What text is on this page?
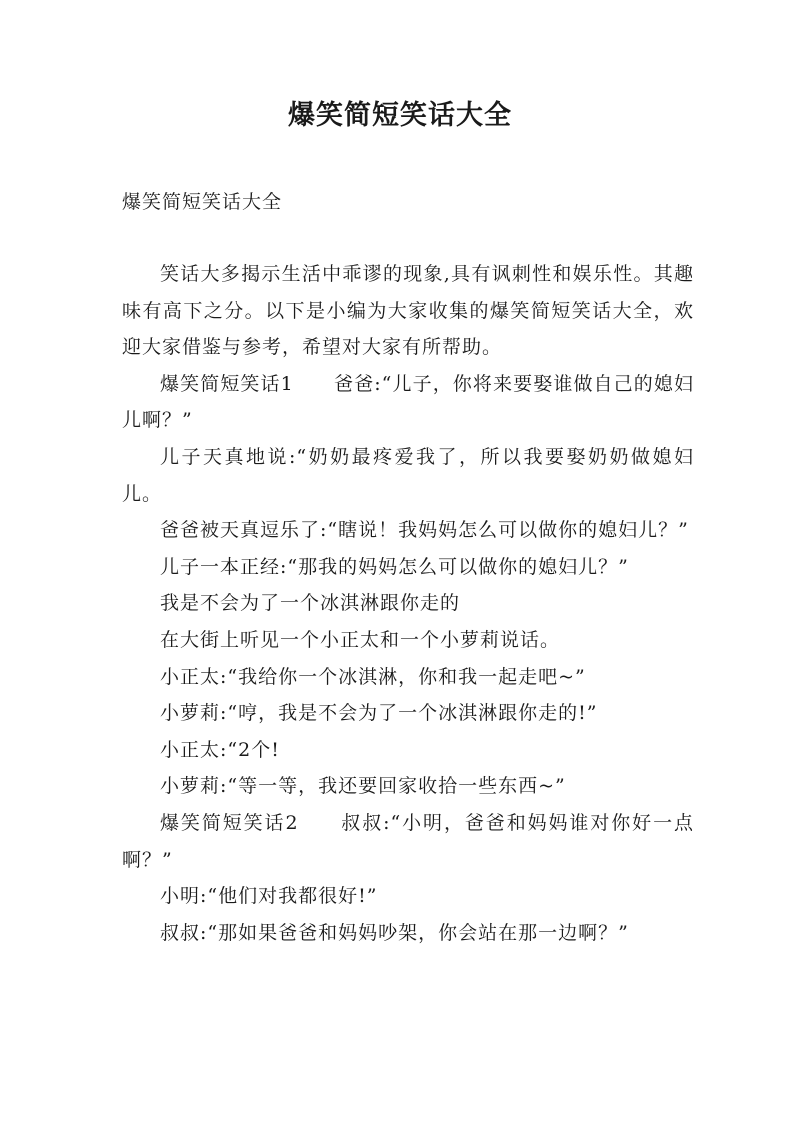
爆笑简短笑话大全
爆笑简短笑话大全

笑话大多揭示生活中乖谬的现象,具有讽刺性和娱乐性。其趣味有高下之分。以下是小编为大家收集的爆笑简短笑话大全，欢迎大家借鉴与参考，希望对大家有所帮助。

爆笑简短笑话1　　爸爸:“儿子，你将来要娶谁做自己的媳妇儿啊？”

儿子天真地说:“奶奶最疼爱我了，所以我要娶奶奶做媳妇儿。

爸爸被天真逗乐了:“瞎说！我妈妈怎么可以做你的媳妇儿？”

儿子一本正经:“那我的妈妈怎么可以做你的媳妇儿？”

我是不会为了一个冰淇淋跟你走的

在大街上听见一个小正太和一个小萝莉说话。

小正太:“我给你一个冰淇淋，你和我一起走吧~”

小萝莉:“哼，我是不会为了一个冰淇淋跟你走的!”

小正太:“2个!

小萝莉:“等一等，我还要回家收拾一些东西~”

爆笑简短笑话2　　叔叔:“小明，爸爸和妈妈谁对你好一点啊？”

小明:“他们对我都很好!”

叔叔:“那如果爸爸和妈妈吵架，你会站在那一边啊？”
